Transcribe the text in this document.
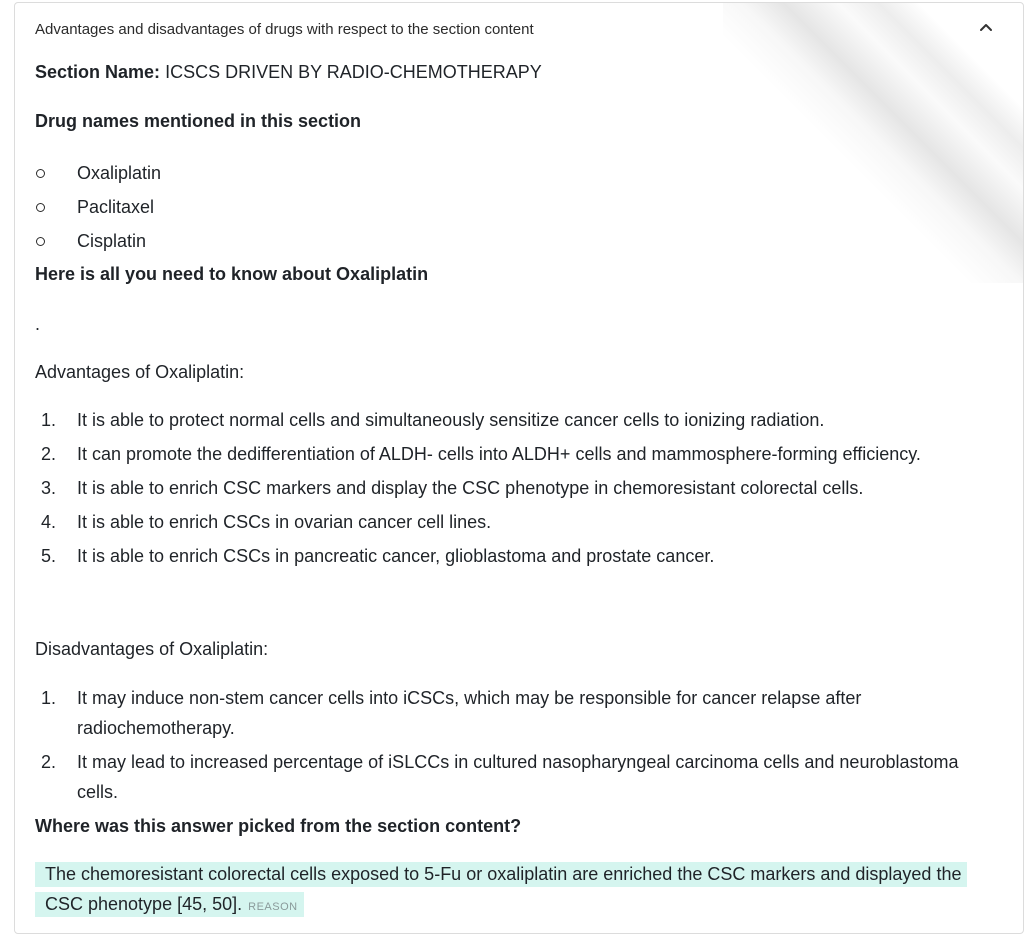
Advantages and disadvantages of drugs with respect to the section content
Section Name: ICSCS DRIVEN BY RADIO-CHEMOTHERAPY
Drug names mentioned in this section
Oxaliplatin
Paclitaxel
Cisplatin
Here is all you need to know about Oxaliplatin
.
Advantages of Oxaliplatin:
1. It is able to protect normal cells and simultaneously sensitize cancer cells to ionizing radiation.
2. It can promote the dedifferentiation of ALDH- cells into ALDH+ cells and mammosphere-forming efficiency.
3. It is able to enrich CSC markers and display the CSC phenotype in chemoresistant colorectal cells.
4. It is able to enrich CSCs in ovarian cancer cell lines.
5. It is able to enrich CSCs in pancreatic cancer, glioblastoma and prostate cancer.
Disadvantages of Oxaliplatin:
1. It may induce non-stem cancer cells into iCSCs, which may be responsible for cancer relapse after radiochemotherapy.
2. It may lead to increased percentage of iSLCCs in cultured nasopharyngeal carcinoma cells and neuroblastoma cells.
Where was this answer picked from the section content?
The chemoresistant colorectal cells exposed to 5-Fu or oxaliplatin are enriched the CSC markers and displayed the CSC phenotype [45, 50]. REASON
